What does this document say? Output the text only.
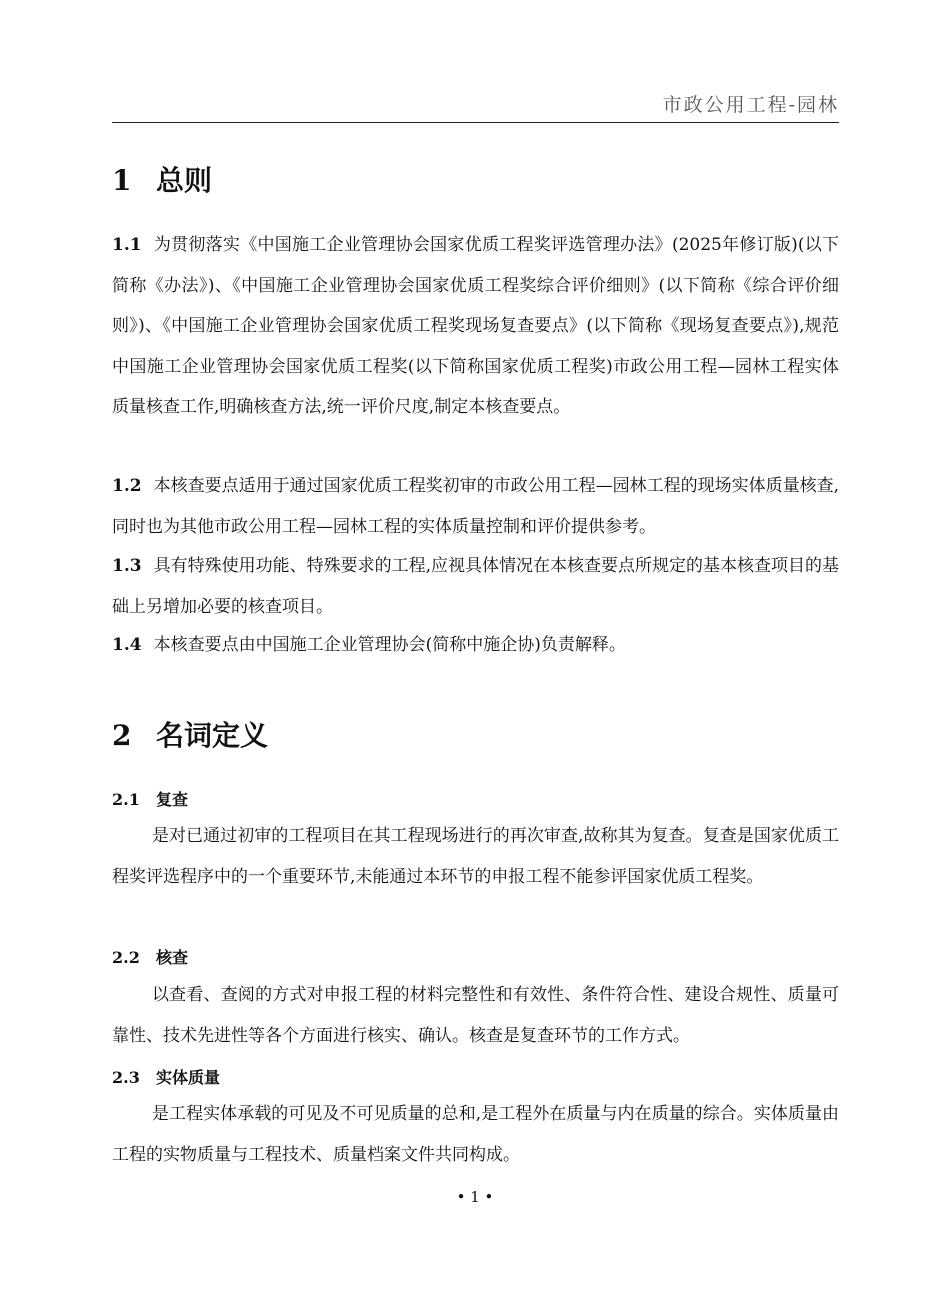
市政公用工程-园林
1 总则

1.1 为贯彻落实《中国施工企业管理协会国家优质工程奖评选管理办法》(2025年修订版)(以下简称《办法》)、《中国施工企业管理协会国家优质工程奖综合评价细则》(以下简称《综合评价细则》)、《中国施工企业管理协会国家优质工程奖现场复查要点》(以下简称《现场复查要点》),规范中国施工企业管理协会国家优质工程奖(以下简称国家优质工程奖)市政公用工程—园林工程实体质量核查工作,明确核查方法,统一评价尺度,制定本核查要点。

1.2 本核查要点适用于通过国家优质工程奖初审的市政公用工程—园林工程的现场实体质量核查,同时也为其他市政公用工程—园林工程的实体质量控制和评价提供参考。

1.3 具有特殊使用功能、特殊要求的工程,应视具体情况在本核查要点所规定的基本核查项目的基础上另增加必要的核查项目。

1.4 本核查要点由中国施工企业管理协会(简称中施企协)负责解释。

2 名词定义
2.1 复查

是对已通过初审的工程项目在其工程现场进行的再次审查,故称其为复查。复查是国家优质工程奖评选程序中的一个重要环节,未能通过本环节的申报工程不能参评国家优质工程奖。

2.2 核查

以查看、查阅的方式对申报工程的材料完整性和有效性、条件符合性、建设合规性、质量可靠性、技术先进性等各个方面进行核实、确认。核查是复查环节的工作方式。

2.3 实体质量

是工程实体承载的可见及不可见质量的总和,是工程外在质量与内在质量的综合。实体质量由工程的实物质量与工程技术、质量档案文件共同构成。

• 1 •
